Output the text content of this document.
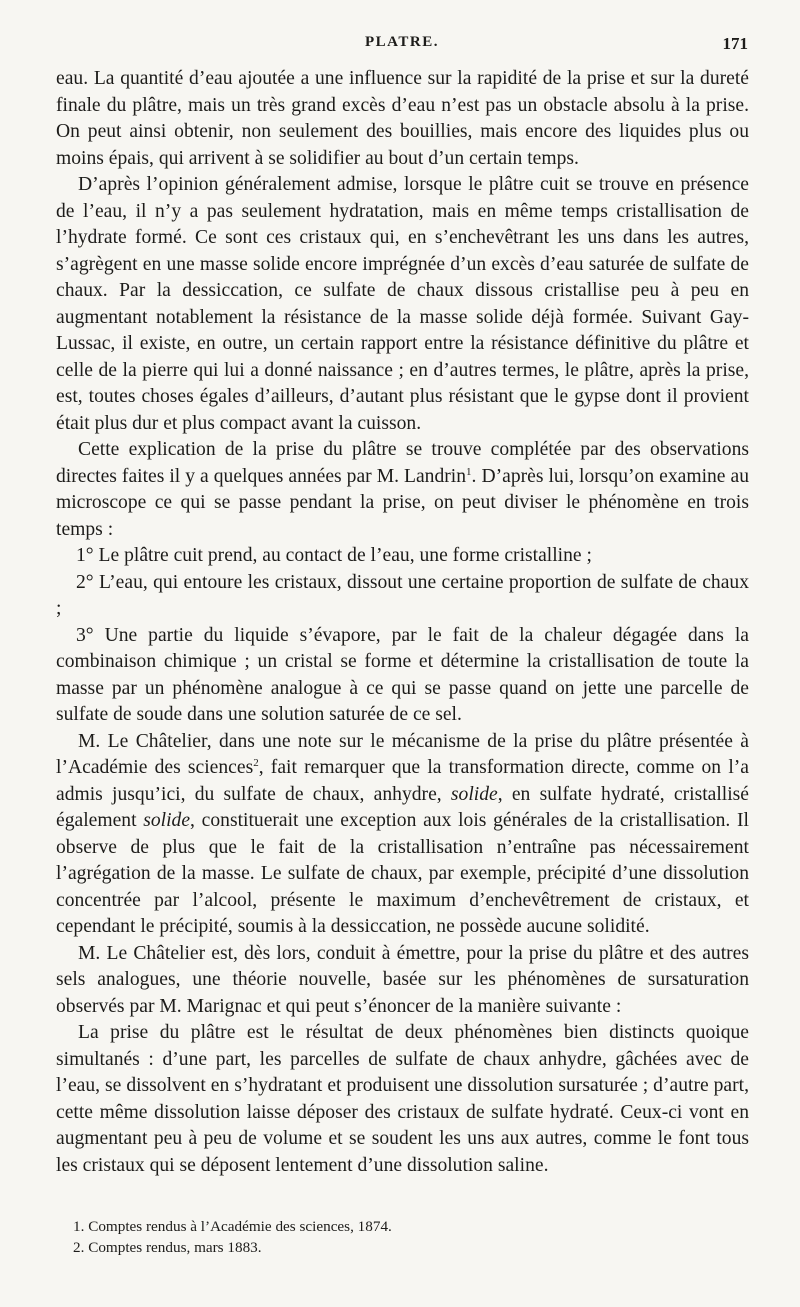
PLATRE.	171

eau. La quantité d’eau ajoutée a une influence sur la rapidité de la prise et sur la dureté finale du plâtre, mais un très grand excès d’eau n’est pas un obstacle absolu à la prise. On peut ainsi obtenir, non seulement des bouillies, mais encore des liquides plus ou moins épais, qui arrivent à se solidifier au bout d’un certain temps.

D’après l’opinion généralement admise, lorsque le plâtre cuit se trouve en présence de l’eau, il n’y a pas seulement hydratation, mais en même temps cristallisation de l’hydrate formé. Ce sont ces cristaux qui, en s’enchevêtrant les uns dans les autres, s’agrègent en une masse solide encore imprégnée d’un excès d’eau saturée de sulfate de chaux. Par la dessiccation, ce sulfate de chaux dissous cristallise peu à peu en augmentant notablement la résistance de la masse solide déjà formée. Suivant Gay-Lussac, il existe, en outre, un certain rapport entre la résistance définitive du plâtre et celle de la pierre qui lui a donné naissance ; en d’autres termes, le plâtre, après la prise, est, toutes choses égales d’ailleurs, d’autant plus résistant que le gypse dont il provient était plus dur et plus compact avant la cuisson.

Cette explication de la prise du plâtre se trouve complétée par des observations directes faites il y a quelques années par M. Landrin$^1$. D’après lui, lorsqu’on examine au microscope ce qui se passe pendant la prise, on peut diviser le phénomène en trois temps :

1° Le plâtre cuit prend, au contact de l’eau, une forme cristalline ;

2° L’eau, qui entoure les cristaux, dissout une certaine proportion de sulfate de chaux ;

3° Une partie du liquide s’évapore, par le fait de la chaleur dégagée dans la combinaison chimique ; un cristal se forme et détermine la cristallisation de toute la masse par un phénomène analogue à ce qui se passe quand on jette une parcelle de sulfate de soude dans une solution saturée de ce sel.

M. Le Châtelier, dans une note sur le mécanisme de la prise du plâtre présentée à l’Académie des sciences$^2$, fait remarquer que la transformation directe, comme on l’a admis jusqu’ici, du sulfate de chaux, anhydre, solide, en sulfate hydraté, cristallisé également solide, constituerait une exception aux lois générales de la cristallisation. Il observe de plus que le fait de la cristallisation n’entraîne pas nécessairement l’agrégation de la masse. Le sulfate de chaux, par exemple, précipité d’une dissolution concentrée par l’alcool, présente le maximum d’enchevêtrement de cristaux, et cependant le précipité, soumis à la dessiccation, ne possède aucune solidité.

M. Le Châtelier est, dès lors, conduit à émettre, pour la prise du plâtre et des autres sels analogues, une théorie nouvelle, basée sur les phénomènes de sursaturation observés par M. Marignac et qui peut s’énoncer de la manière suivante :

La prise du plâtre est le résultat de deux phénomènes bien distincts quoique simultanés : d’une part, les parcelles de sulfate de chaux anhydre, gâchées avec de l’eau, se dissolvent en s’hydratant et produisent une dissolution sursaturée ; d’autre part, cette même dissolution laisse déposer des cristaux de sulfate hydraté. Ceux-ci vont en augmentant peu à peu de volume et se soudent les uns aux autres, comme le font tous les cristaux qui se déposent lentement d’une dissolution saline.

1. Comptes rendus à l’Académie des sciences, 1874.
2. Comptes rendus, mars 1883.
